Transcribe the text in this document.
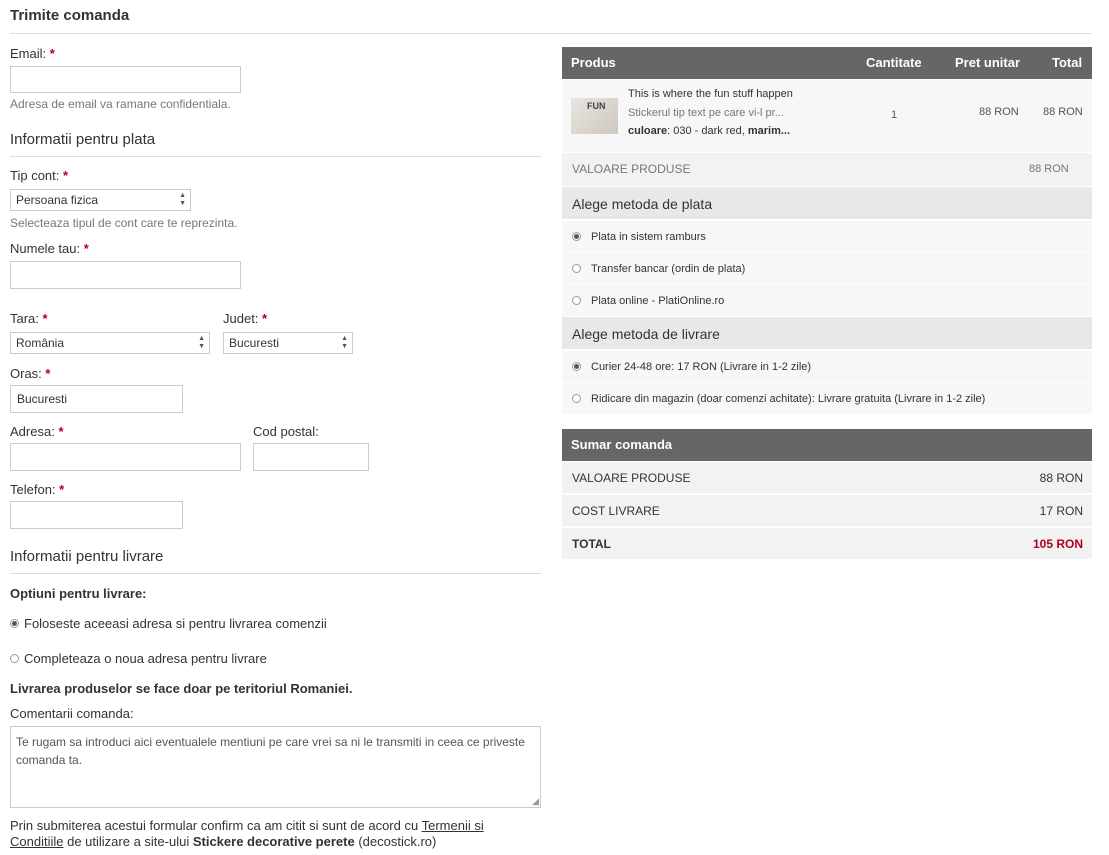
Trimite comanda
Email: *
Adresa de email va ramane confidentiala.
Informatii pentru plata
Tip cont: *
Persoana fizica	▲
▼
Selecteaza tipul de cont care te reprezinta.
Numele tau: *
Tara: *
România	▲
▼
Judet: *
Bucuresti	▲
▼
Oras: *
Bucuresti
Adresa: *	Cod postal:
Telefon: *
Informatii pentru livrare
Optiuni pentru livrare:
Foloseste aceeasi adresa si pentru livrarea comenzii
Completeaza o noua adresa pentru livrare
Livrarea produselor se face doar pe teritoriul Romaniei.
Comentarii comanda:
Te rugam sa introduci aici eventualele mentiuni pe care vrei sa ni le transmiti in ceea ce priveste comanda ta.
◢
Prin submiterea acestui formular confirm ca am citit si sunt de acord cu Termenii si Conditiile de utilizare a site-ului Stickere decorative perete (decostick.ro)
Produs	Cantitate	Pret unitar Total
FUN
This is where the fun stuff happen
Stickerul tip text pe care vi-l pr...
culoare: 030 - dark red, marim...
1	88 RON 88 RON
VALOARE PRODUSE	88 RON
Alege metoda de plata
Plata in sistem ramburs
Transfer bancar (ordin de plata)
Plata online - PlatiOnline.ro
Alege metoda de livrare
Curier 24-48 ore: 17 RON (Livrare in 1-2 zile)
Ridicare din magazin (doar comenzi achitate): Livrare gratuita (Livrare in 1-2 zile)
Sumar comanda
VALOARE PRODUSE	88 RON
COST LIVRARE	17 RON
TOTAL	105 RON
